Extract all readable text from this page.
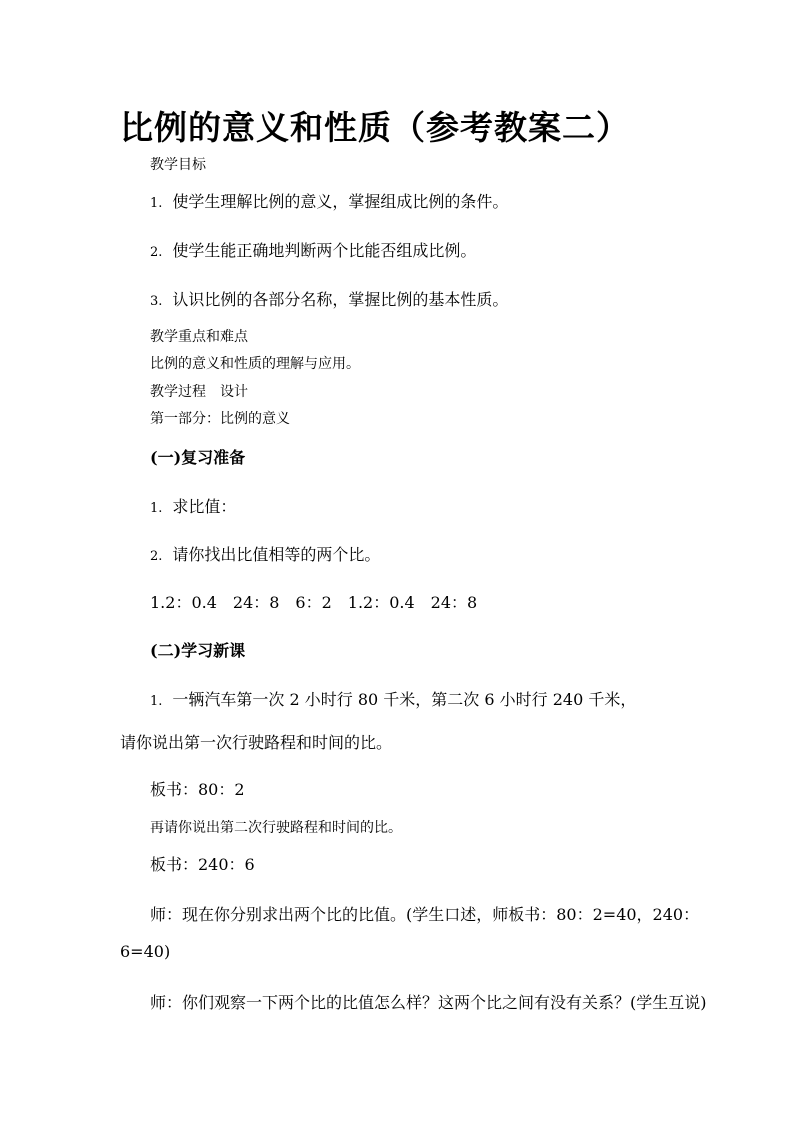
比例的意义和性质（参考教案二）
教学目标
1. 使学生理解比例的意义，掌握组成比例的条件。
2. 使学生能正确地判断两个比能否组成比例。
3. 认识比例的各部分名称，掌握比例的基本性质。
教学重点和难点
比例的意义和性质的理解与应用。
教学过程　设计
第一部分：比例的意义
(一)复习准备
1. 求比值：
2. 请你找出比值相等的两个比。
1.2：0.4　24：8　6：2　1.2：0.4　24：8
(二)学习新课
1. 一辆汽车第一次 2 小时行 80 千米，第二次 6 小时行 240 千米，
请你说出第一次行驶路程和时间的比。
板书：80：2
再请你说出第二次行驶路程和时间的比。
板书：240：6
师：现在你分别求出两个比的比值。(学生口述，师板书：80：2=40，240：
6=40)
师：你们观察一下两个比的比值怎么样？这两个比之间有没有关系？(学生互说)
